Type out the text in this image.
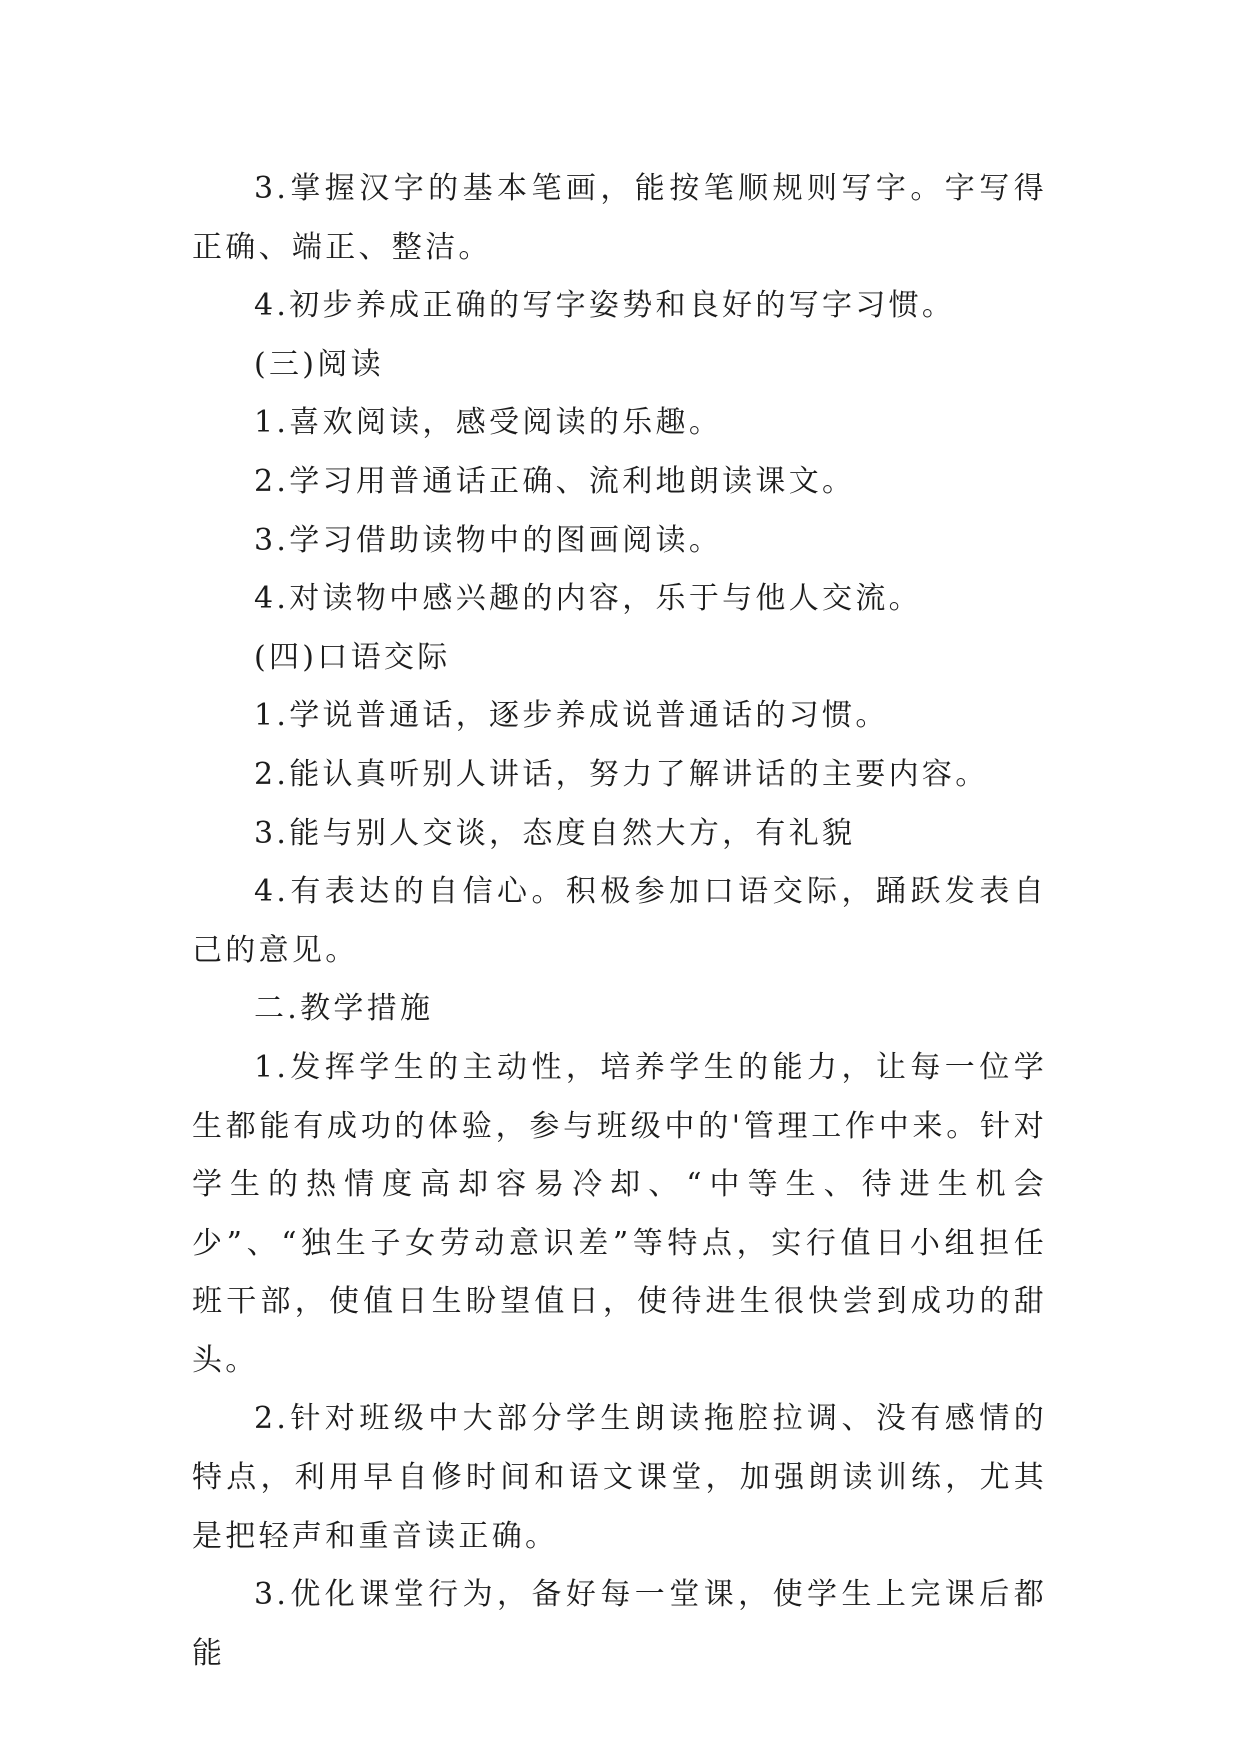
3.掌握汉字的基本笔画，能按笔顺规则写字。字写得正确、端正、整洁。

4.初步养成正确的写字姿势和良好的写字习惯。

(三)阅读

1.喜欢阅读，感受阅读的乐趣。

2.学习用普通话正确、流利地朗读课文。

3.学习借助读物中的图画阅读。

4.对读物中感兴趣的内容，乐于与他人交流。

(四)口语交际

1.学说普通话，逐步养成说普通话的习惯。

2.能认真听别人讲话，努力了解讲话的主要内容。

3.能与别人交谈，态度自然大方，有礼貌

4.有表达的自信心。积极参加口语交际，踊跃发表自己的意见。

二.教学措施

1.发挥学生的主动性，培养学生的能力，让每一位学生都能有成功的体验，参与班级中的'管理工作中来。针对学生的热情度高却容易冷却、“中等生、待进生机会少”、“独生子女劳动意识差”等特点，实行值日小组担任班干部，使值日生盼望值日，使待进生很快尝到成功的甜头。

2.针对班级中大部分学生朗读拖腔拉调、没有感情的特点，利用早自修时间和语文课堂，加强朗读训练，尤其是把轻声和重音读正确。

3.优化课堂行为，备好每一堂课，使学生上完课后都能
